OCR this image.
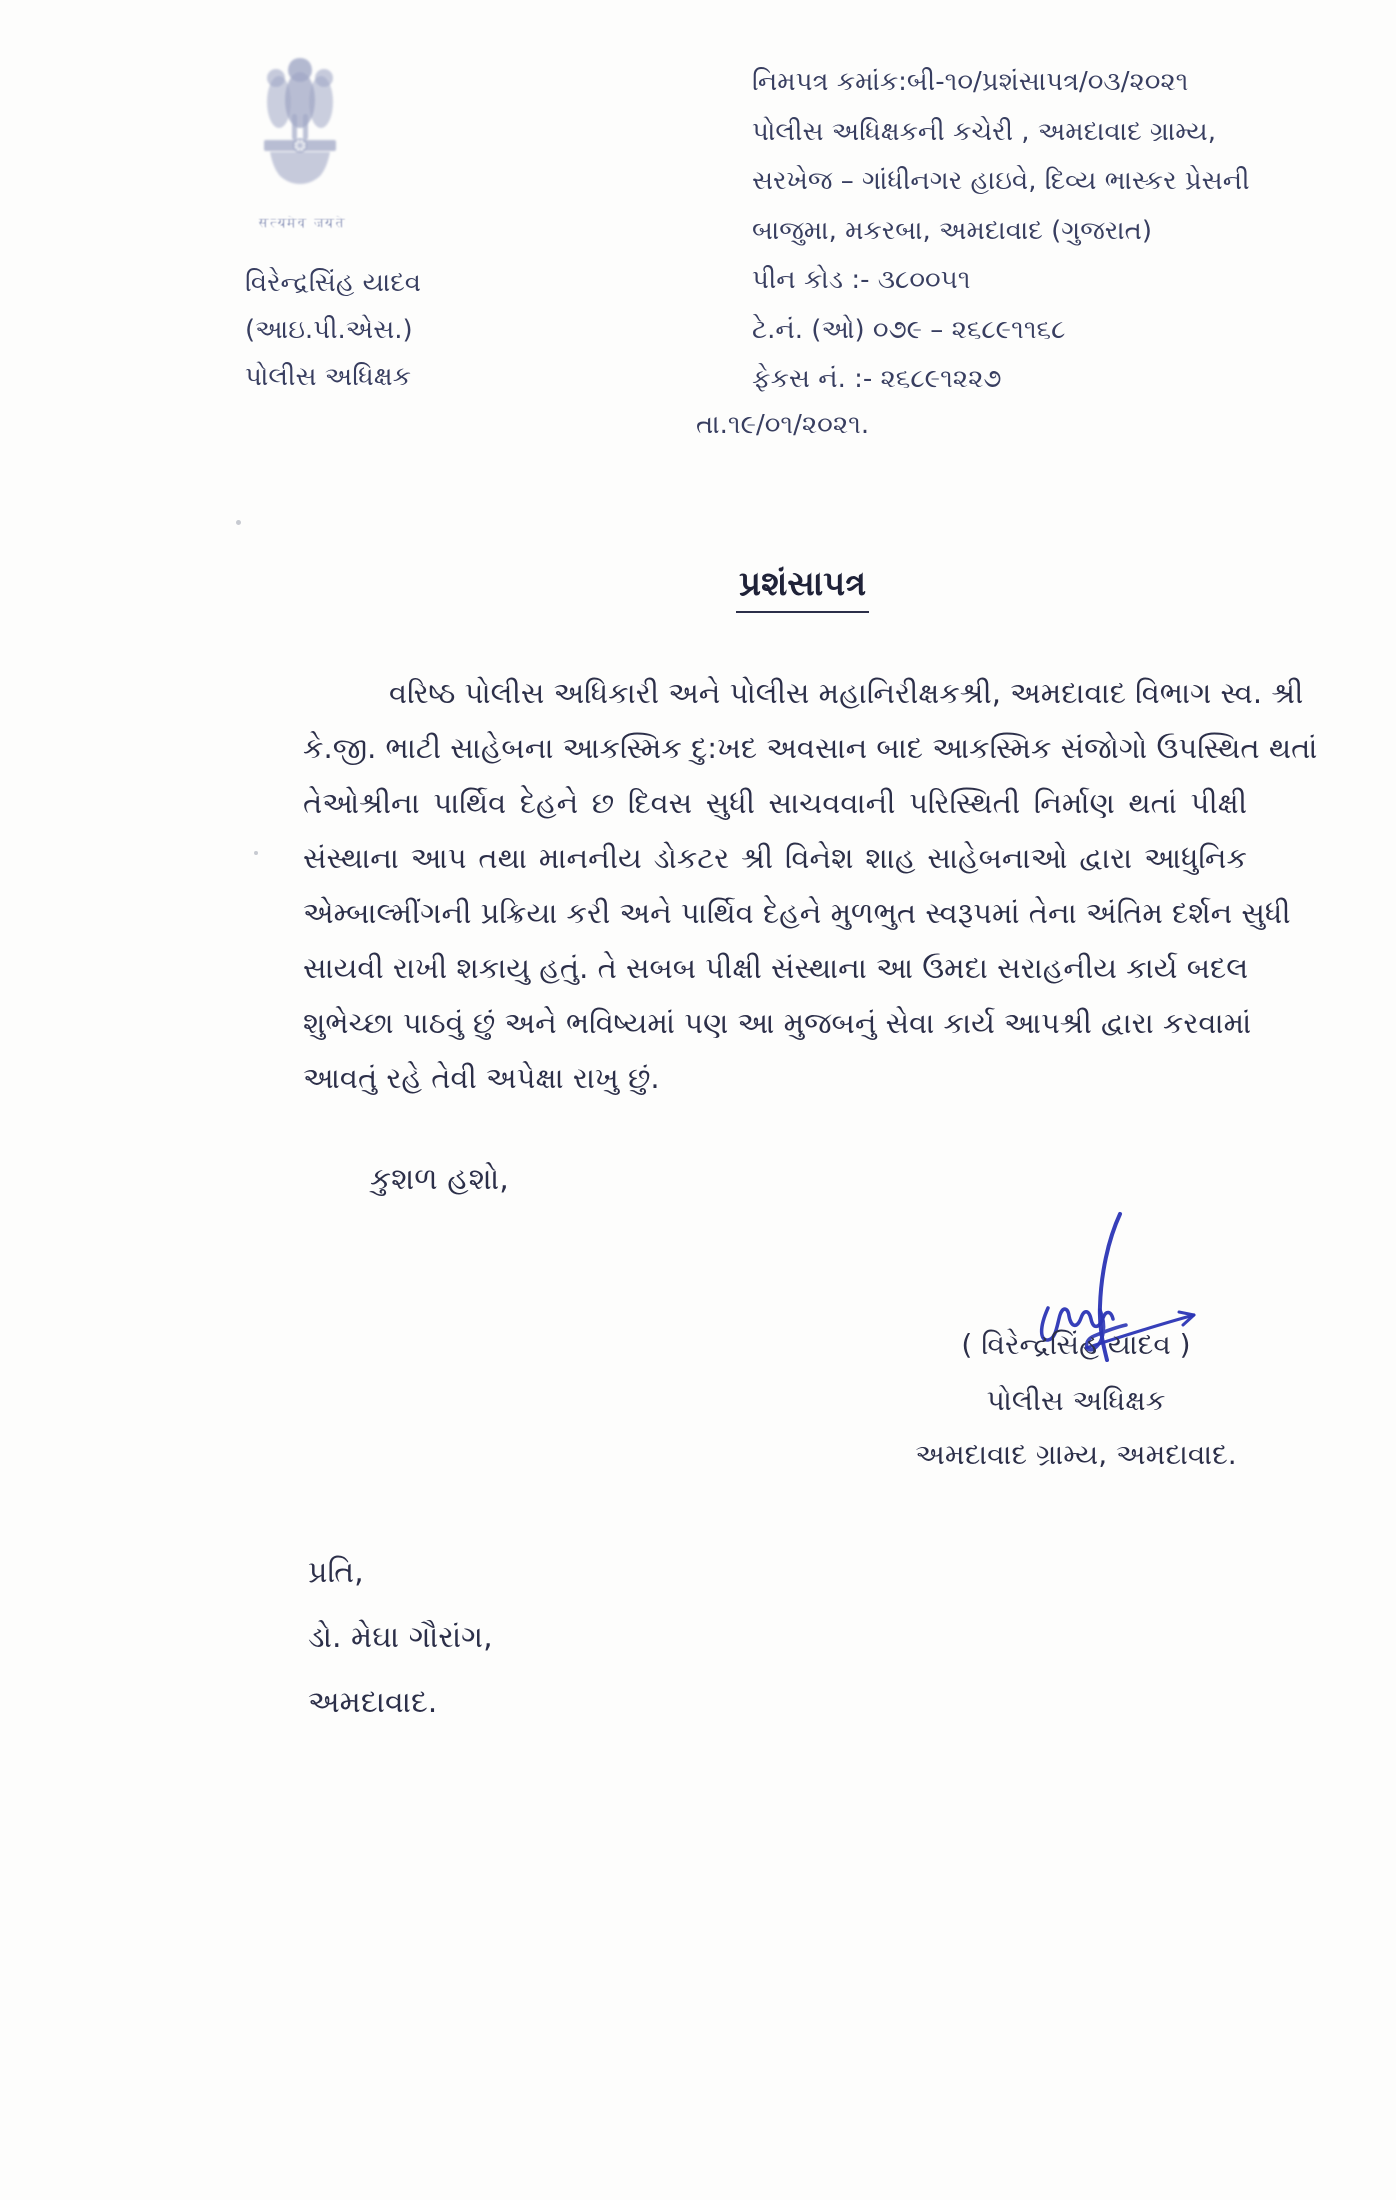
सत्यमेव जयते
વિરેન્દ્રસિંહ યાદવ
(આઇ.પી.એસ.)
પોલીસ અધિક્ષક
નિમપત્ર કમાંક:બી-૧૦/પ્રશંસાપત્ર/૦૩/૨૦૨૧
પોલીસ અધિક્ષકની કચેરી , અમદાવાદ ગ્રામ્ય,
સરખેજ – ગાંધીનગર હાઇવે, દિવ્ય ભાસ્કર પ્રેસની
બાજુમા, મકરબા, અમદાવાદ (ગુજરાત)
પીન કોડ :- ૩૮૦૦૫૧
ટે.નં. (ઓ) ૦૭૯ – ૨૬૮૯૧૧૬૮
ફેકસ નં. :- ૨૬૮૯૧૨૨૭
તા.૧૯/૦૧/૨૦૨૧.
પ્રશંસાપત્ર
વરિષ્ઠ પોલીસ અધિકારી અને પોલીસ મહાનિરીક્ષકશ્રી, અમદાવાદ વિભાગ સ્વ. શ્રી
કે.જી. ભાટી સાહેબના આકસ્મિક દુ:ખદ અવસાન બાદ આકસ્મિક સંજોગો ઉપસ્થિત થતાં
તેઓશ્રીના પાર્થિવ દેહને છ દિવસ સુધી સાચવવાની પરિસ્થિતી નિર્માણ થતાં પીક્ષી
સંસ્થાના આપ તથા માનનીય ડોકટર શ્રી વિનેશ શાહ સાહેબનાઓ દ્વારા આધુનિક
એમ્બાલ્મીંગની પ્રક્રિયા કરી અને પાર્થિવ દેહને મુળભુત સ્વરૂપમાં તેના અંતિમ દર્શન સુધી
સાયવી રાખી શકાયુ હતું. તે સબબ પીક્ષી સંસ્થાના આ ઉમદા સરાહનીય કાર્ય બદલ
શુભેચ્છા પાઠવું છું અને ભવિષ્યમાં પણ આ મુજબનું સેવા કાર્ય આપશ્રી દ્વારા કરવામાં
આવતું રહે તેવી અપેક્ષા રાખુ છું.
કુશળ હશો,
( વિરેન્દ્રસિંહ યાદવ )
પોલીસ અધિક્ષક
અમદાવાદ ગ્રામ્ય, અમદાવાદ.
પ્રતિ,
ડો. મેઘા ગૌરાંગ,
અમદાવાદ.
